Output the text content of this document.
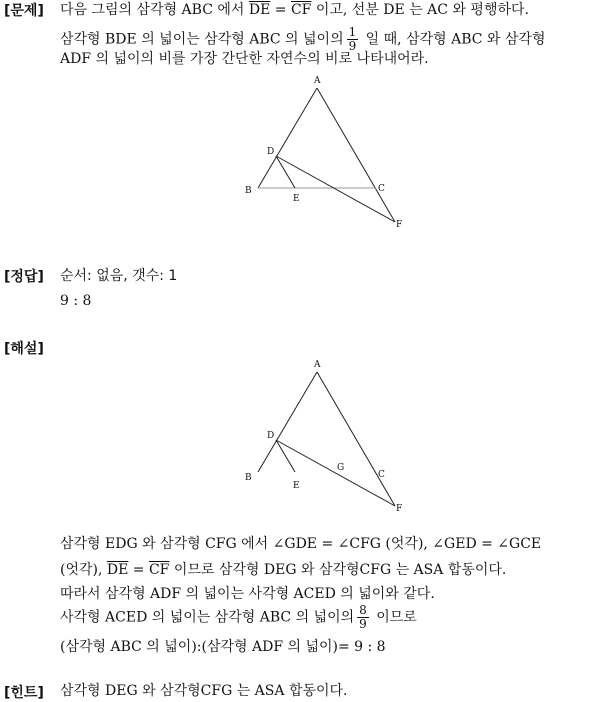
[문제] 다음 그림의 삼각형 ABC 에서 $\overline{DE} = \overline{CF}$ 이고, 선분 DE 는 AC 와 평행하다.
삼각형 BDE 의 넓이는 삼각형 ABC 의 넓이의 $\frac{1}{9}$ 일 때, 삼각형 ABC 와 삼각형
ADF 의 넓이의 비를 가장 간단한 자연수의 비로 나타내어라.
A
D
B
E
C
F
[정답] 순서: 없음, 갯수: 1
9 : 8
[해설]
A
D
B
E
G
C
F
삼각형 EDG 와 삼각형 CFG 에서 ∠GDE = ∠CFG (엇각), ∠GED = ∠GCE
(엇각), $\overline{DE} = \overline{CF}$ 이므로 삼각형 DEG 와 삼각형CFG 는 ASA 합동이다.
따라서 삼각형 ADF 의 넓이는 사각형 ACED 의 넓이와 같다.
사각형 ACED 의 넓이는 삼각형 ABC 의 넓이의 $\frac{8}{9}$ 이므로
(삼각형 ABC 의 넓이):(삼각형 ADF 의 넓이)= 9 : 8
[힌트] 삼각형 DEG 와 삼각형CFG 는 ASA 합동이다.
